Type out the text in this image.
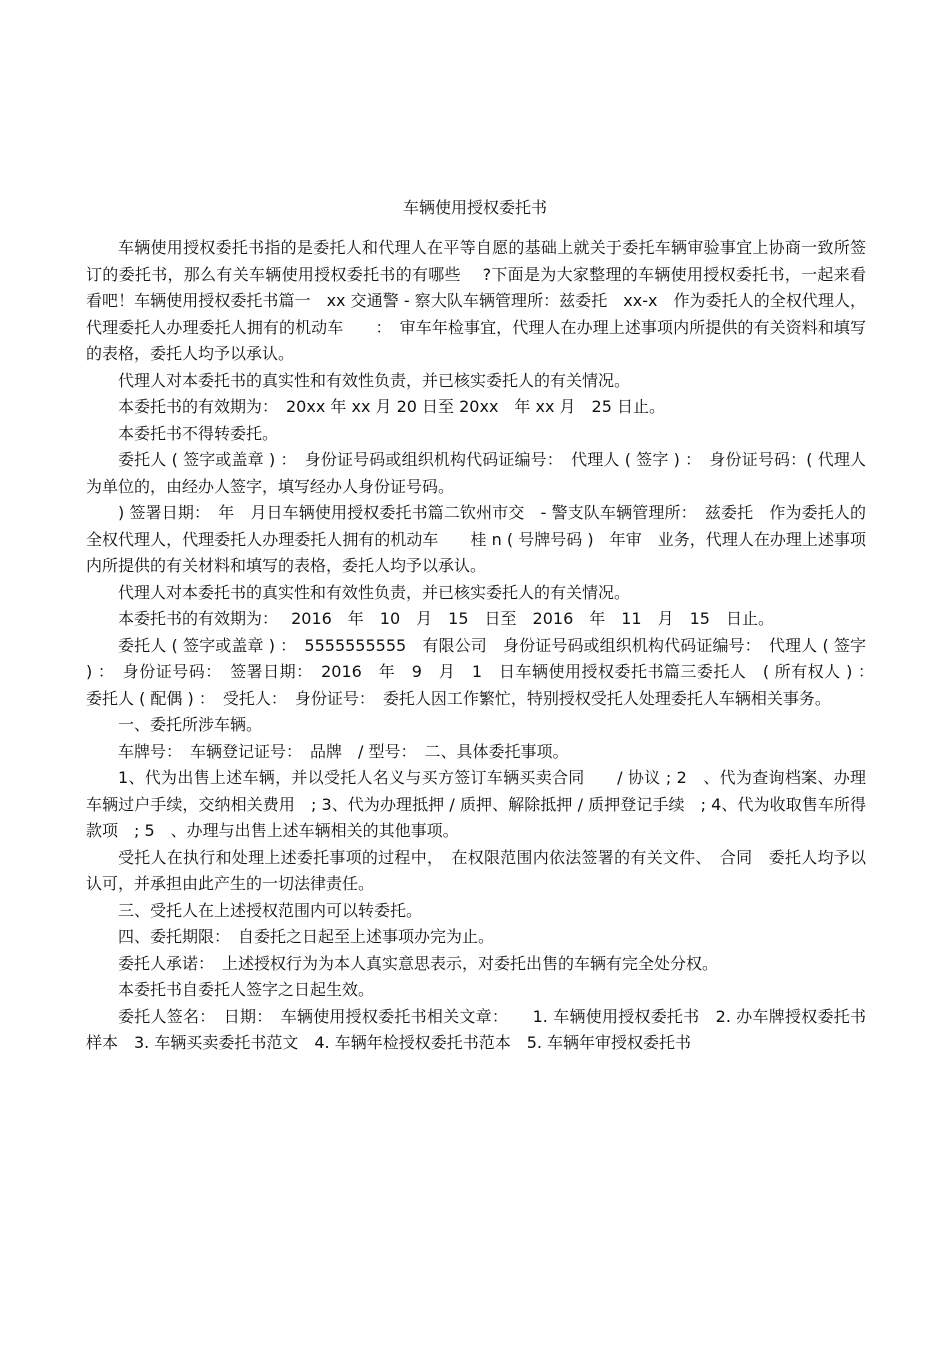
车辆使用授权委托书

车辆使用授权委托书指的是委托人和代理人在平等自愿的基础上就关于委托车辆审验事宜上协商一致所签订的委托书，那么有关车辆使用授权委托书的有哪些　 ?下面是为大家整理的车辆使用授权委托书，一起来看看吧！车辆使用授权委托书篇一　xx 交通警 - 察大队车辆管理所：兹委托　xx-x　作为委托人的全权代理人，代理委托人办理委托人拥有的机动车　　：　审车年检事宜，代理人在办理上述事项内所提供的有关资料和填写的表格，委托人均予以承认。

代理人对本委托书的真实性和有效性负责，并已核实委托人的有关情况。

本委托书的有效期为：　20xx 年 xx 月 20 日至 20xx　年 xx 月　25 日止。

本委托书不得转委托。

委托人 ( 签字或盖章 ) ：　身份证号码或组织机构代码证编号：　代理人 ( 签字 ) ：　身份证号码：( 代理人为单位的，由经办人签字，填写经办人身份证号码。

) 签署日期：　年　月日车辆使用授权委托书篇二钦州市交　- 警支队车辆管理所：　兹委托　作为委托人的全权代理人，代理委托人办理委托人拥有的机动车　　桂 n ( 号牌号码 )　年审　业务，代理人在办理上述事项内所提供的有关材料和填写的表格，委托人均予以承认。

代理人对本委托书的真实性和有效性负责，并已核实委托人的有关情况。

本委托书的有效期为：　 2016　年　10　月　15　日至　2016　年　11　月　15　日止。

委托人 ( 签字或盖章 ) ：　5555555555　有限公司　身份证号码或组织机构代码证编号：　代理人 ( 签字 ) ：　身份证号码：　签署日期：　2016　年　9　月　1　日车辆使用授权委托书篇三委托人　( 所有权人 ) ：　委托人 ( 配偶 ) ：　受托人：　身份证号：　委托人因工作繁忙，特别授权受托人处理委托人车辆相关事务。

一、委托所涉车辆。

车牌号：　车辆登记证号：　品牌　/ 型号：　二、具体委托事项。

1、代为出售上述车辆，并以受托人名义与买方签订车辆买卖合同　　/ 协议 ; 2　、代为查询档案、办理车辆过户手续，交纳相关费用　; 3、代为办理抵押 / 质押、解除抵押 / 质押登记手续　; 4、代为收取售车所得款项　; 5　、办理与出售上述车辆相关的其他事项。

受托人在执行和处理上述委托事项的过程中，　在权限范围内依法签署的有关文件、　合同　委托人均予以认可，并承担由此产生的一切法律责任。

三、受托人在上述授权范围内可以转委托。

四、委托期限：　自委托之日起至上述事项办完为止。

委托人承诺：　上述授权行为为本人真实意思表示，对委托出售的车辆有完全处分权。

本委托书自委托人签字之日起生效。

委托人签名：　日期：　车辆使用授权委托书相关文章：　　1. 车辆使用授权委托书　2. 办车牌授权委托书样本　3. 车辆买卖委托书范文　4. 车辆年检授权委托书范本　5. 车辆年审授权委托书
